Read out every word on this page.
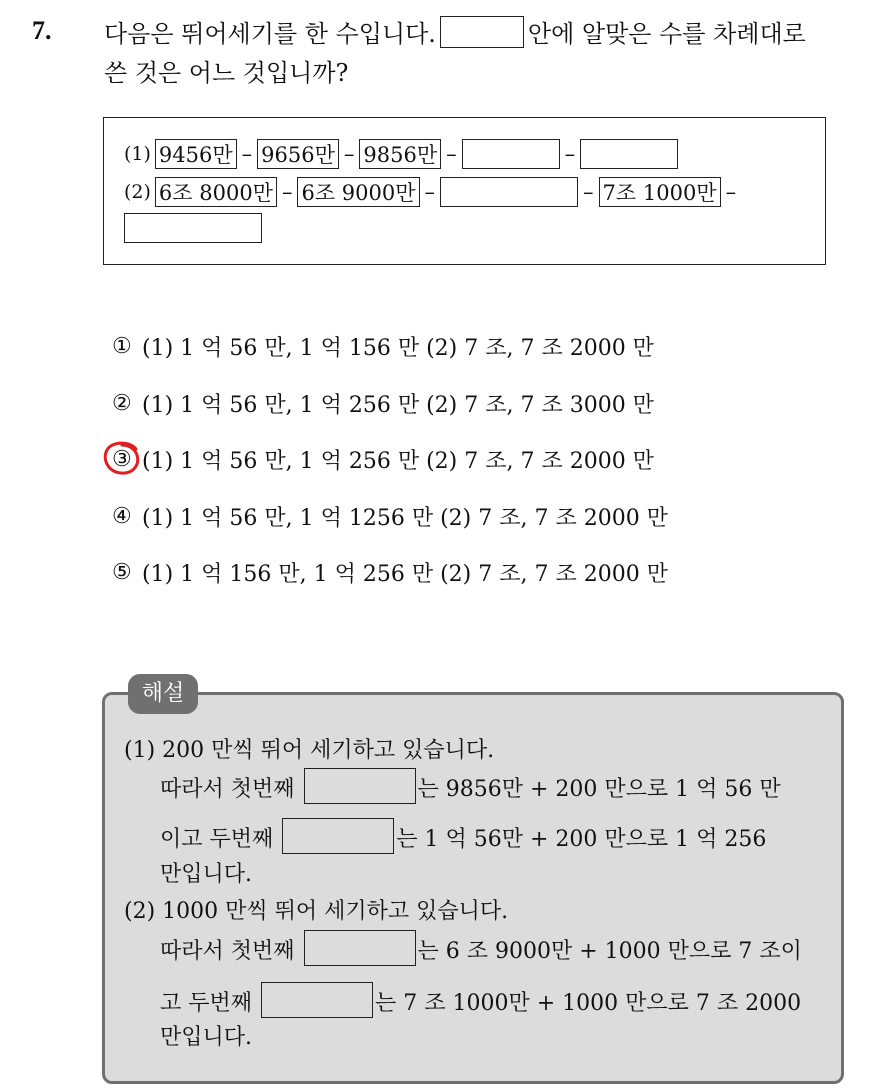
7. 다음은 뛰어세기를 한 수입니다.	안에 알맞은 수를 차례대로
쓴 것은 어느 것입니까?
(1) 9456만 – 9656만 – 9856만 –	–
(2) 6조 8000만 – 6조 9000만 –	– 7조 1000만 –
① (1) 1 억 56 만, 1 억 156 만 (2) 7 조, 7 조 2000 만
② (1) 1 억 56 만, 1 억 256 만 (2) 7 조, 7 조 3000 만
③ (1) 1 억 56 만, 1 억 256 만 (2) 7 조, 7 조 2000 만
④ (1) 1 억 56 만, 1 억 1256 만 (2) 7 조, 7 조 2000 만
⑤ (1) 1 억 156 만, 1 억 256 만 (2) 7 조, 7 조 2000 만
해설
(1) 200 만씩 뛰어 세기하고 있습니다.
따라서 첫번째	는 9856만 + 200 만으로 1 억 56 만
이고 두번째	는 1 억 56만 + 200 만으로 1 억 256
만입니다.
(2) 1000 만씩 뛰어 세기하고 있습니다.
따라서 첫번째	는 6 조 9000만 + 1000 만으로 7 조이
고 두번째	는 7 조 1000만 + 1000 만으로 7 조 2000
만입니다.
